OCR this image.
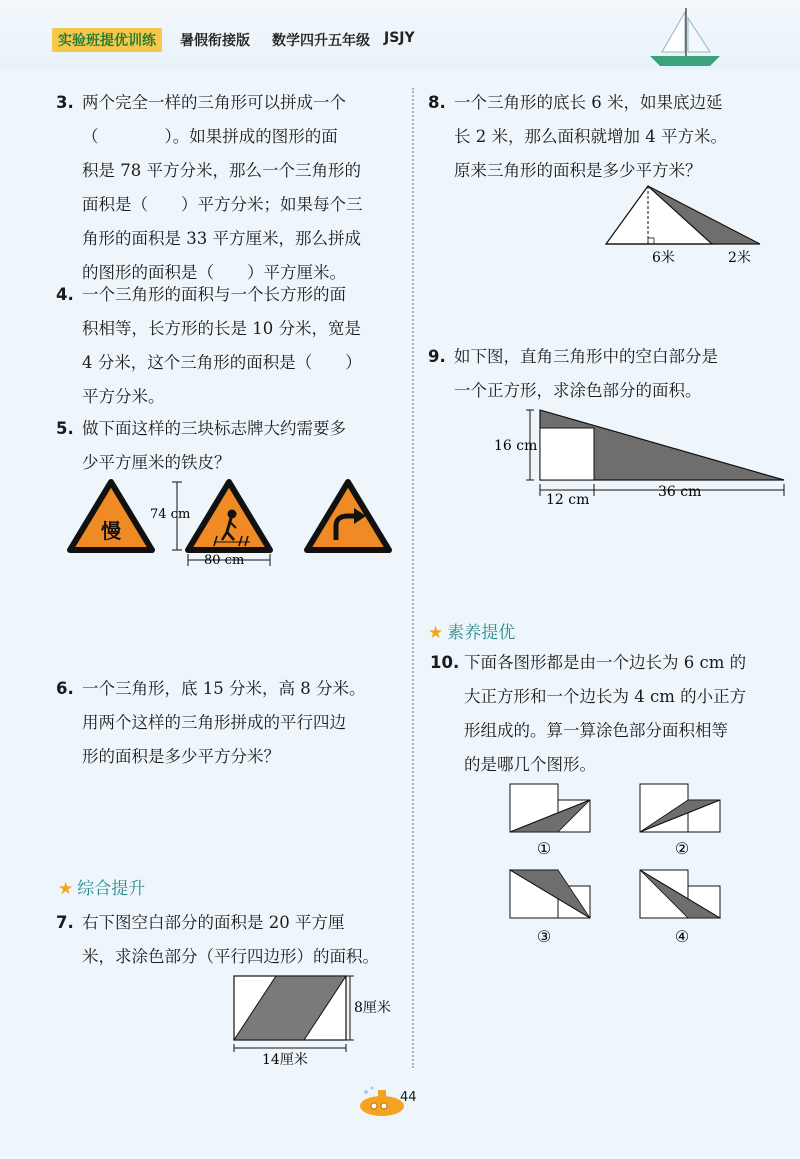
实验班提优训练	暑假衔接版 数学四升五年级 JSJY
3. 两个完全一样的三角形可以拼成一个
（　　　　）。如果拼成的图形的面
积是 78 平方分米，那么一个三角形的
面积是（　　）平方分米；如果每个三
角形的面积是 33 平方厘米，那么拼成
的图形的面积是（　　）平方厘米。
4. 一个三角形的面积与一个长方形的面
积相等，长方形的长是 10 分米，宽是
4 分米，这个三角形的面积是（　　）
平方分米。
5. 做下面这样的三块标志牌大约需要多
少平方厘米的铁皮？
慢
74 cm
80 cm
6. 一个三角形，底 15 分米，高 8 分米。
用两个这样的三角形拼成的平行四边
形的面积是多少平方分米？
★ 综合提升
7. 右下图空白部分的面积是 20 平方厘
米，求涂色部分（平行四边形）的面积。
14厘米
8厘米
8. 一个三角形的底长 6 米，如果底边延
长 2 米，那么面积就增加 4 平方米。
原来三角形的面积是多少平方米？
6米	2米
9. 如下图，直角三角形中的空白部分是
一个正方形，求涂色部分的面积。
16 cm
12 cm	36 cm
★ 素养提优
10. 下面各图形都是由一个边长为 6 cm 的
大正方形和一个边长为 4 cm 的小正方
形组成的。算一算涂色部分面积相等
的是哪几个图形。
①	②
③	④
44
